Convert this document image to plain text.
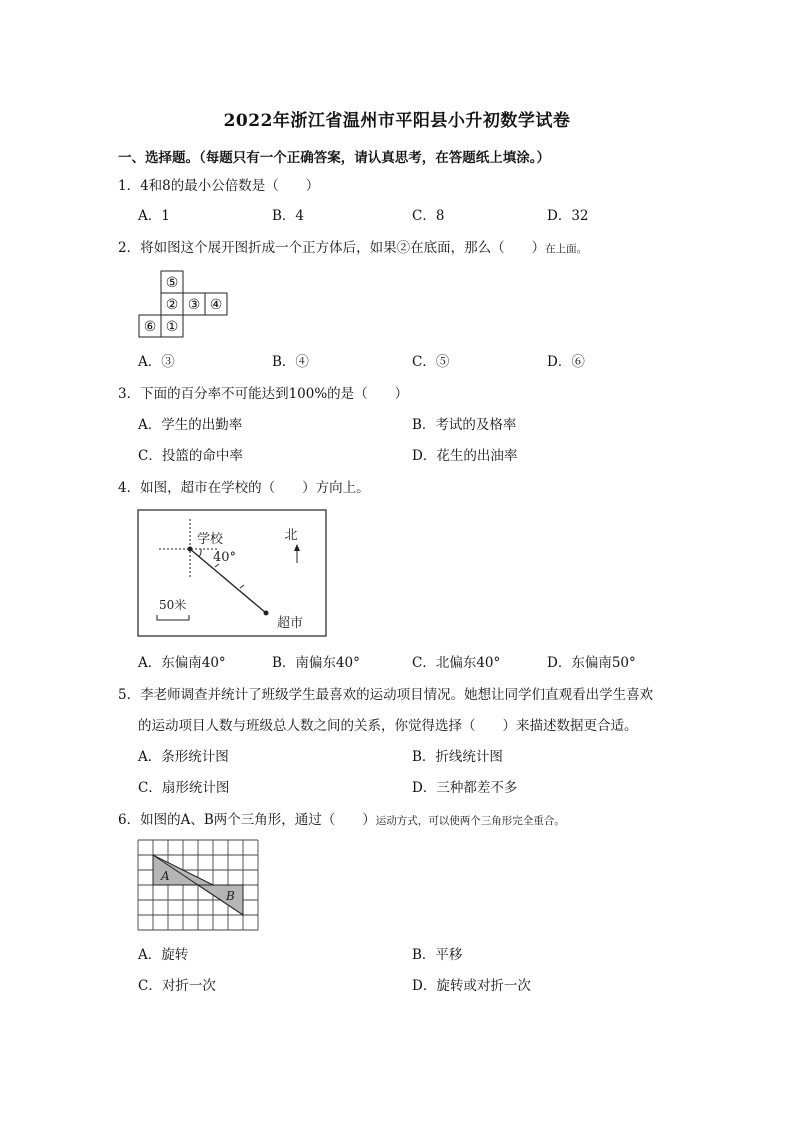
2022年浙江省温州市平阳县小升初数学试卷
一、选择题。（每题只有一个正确答案，请认真思考，在答题纸上填涂。）
1．4和8的最小公倍数是（　　）
A．1	B．4	C．8	D．32
2．将如图这个展开图折成一个正方体后，如果②在底面，那么（　　）在上面。
⑤
② ③ ④
⑥ ①
A．③	B．④	C．⑤	D．⑥
3．下面的百分率不可能达到100%的是（　　）
A．学生的出勤率	B．考试的及格率
C．投篮的命中率	D．花生的出油率
4．如图，超市在学校的（　　）方向上。
学校
40°
北
50米
超市
A．东偏南40°	B．南偏东40°	C．北偏东40°	D．东偏南50°
5．李老师调查并统计了班级学生最喜欢的运动项目情况。她想让同学们直观看出学生喜欢
的运动项目人数与班级总人数之间的关系，你觉得选择（　　）来描述数据更合适。
A．条形统计图	B．折线统计图
C．扇形统计图	D．三种都差不多
6．如图的A、B两个三角形，通过（　　）运动方式，可以使两个三角形完全重合。
A
B
A．旋转	B．平移
C．对折一次	D．旋转或对折一次
